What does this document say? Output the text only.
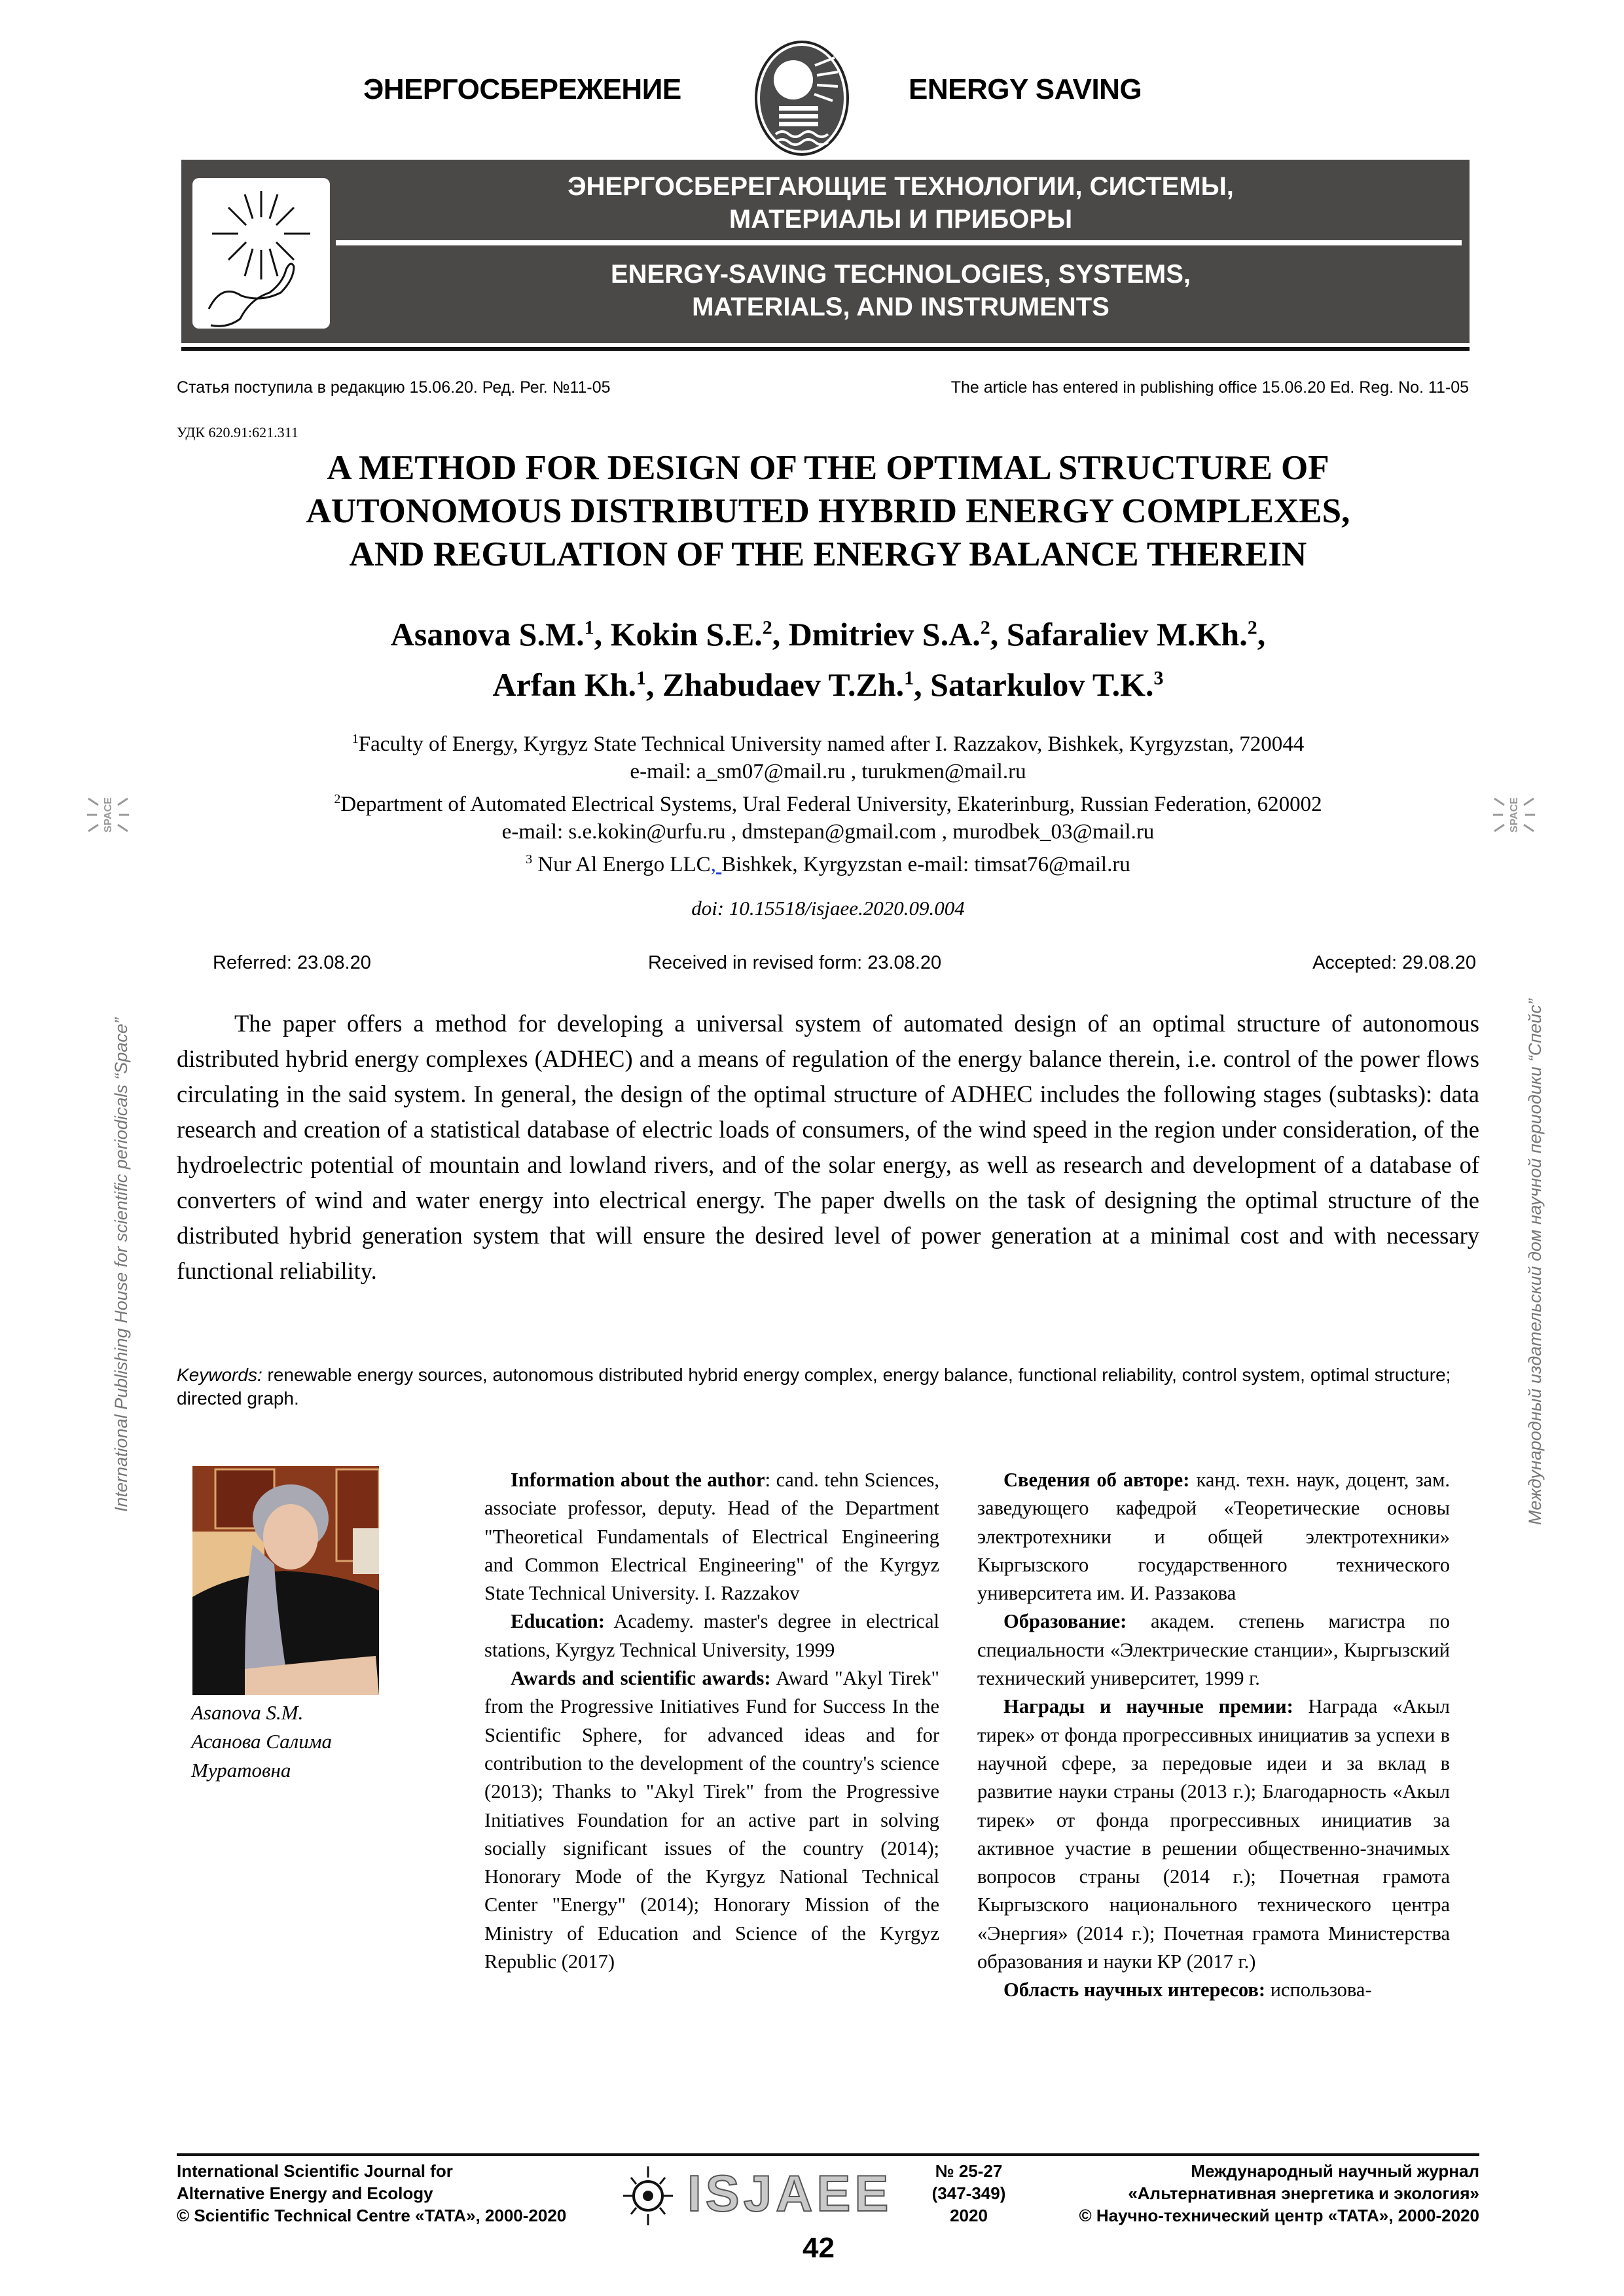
ЭНЕРГОСБЕРЕЖЕНИЕ	ENERGY SAVING
ЭНЕРГОСБЕРЕГАЮЩИЕ ТЕХНОЛОГИИ, СИСТЕМЫ,
МАТЕРИАЛЫ И ПРИБОРЫ
ENERGY-SAVING TECHNOLOGIES, SYSTEMS,
MATERIALS, AND INSTRUMENTS
Статья поступила в редакцию 15.06.20. Ред. Рег. №11-05	The article has entered in publishing office 15.06.20 Ed. Reg. No. 11-05
УДК 620.91:621.311
A METHOD FOR DESIGN OF THE OPTIMAL STRUCTURE OF
AUTONOMOUS DISTRIBUTED HYBRID ENERGY COMPLEXES,
AND REGULATION OF THE ENERGY BALANCE THEREIN
Asanova S.M.$^1$, Kokin S.E.$^2$, Dmitriev S.A.$^2$, Safaraliev M.Kh.$^2$,
Arfan Kh.$^1$, Zhabudaev T.Zh.$^1$, Satarkulov T.K.$^3$
$^1$Faculty of Energy, Kyrgyz State Technical University named after I. Razzakov, Bishkek, Kyrgyzstan, 720044
e-mail: a_sm07@mail.ru , turukmen@mail.ru
$^2$Department of Automated Electrical Systems, Ural Federal University, Ekaterinburg, Russian Federation, 620002
e-mail: s.e.kokin@urfu.ru , dmstepan@gmail.com , murodbek_03@mail.ru
$^3$ Nur Al Energo LLC, Bishkek, Kyrgyzstan e-mail: timsat76@mail.ru
doi: 10.15518/isjaee.2020.09.004
Referred: 23.08.20	Received in revised form: 23.08.20	Accepted: 29.08.20

The paper offers a method for developing a universal system of automated design of an optimal structure of autonomous distributed hybrid energy complexes (ADHEC) and a means of regulation of the energy balance therein, i.e. control of the power flows circulating in the said system. In general, the design of the optimal structure of ADHEC includes the following stages (subtasks): data research and creation of a statistical database of electric loads of consumers, of the wind speed in the region under consideration, of the hydroelectric potential of mountain and lowland rivers, and of the solar energy, as well as research and development of a database of converters of wind and water energy into electrical energy. The paper dwells on the task of designing the optimal structure of the distributed hybrid generation system that will ensure the desired level of power generation at a minimal cost and with necessary functional reliability.

Keywords: renewable energy sources, autonomous distributed hybrid energy complex, energy balance, functional reliability, control system, optimal structure; directed graph.
Asanova S.M.
Асанова Салима
Муратовна

Information about the author: cand. tehn Sciences, associate professor, deputy. Head of the Department "Theoretical Fundamentals of Electrical Engineering and Common Electrical Engineering" of the Kyrgyz State Technical University. I. Razzakov

Education: Academy. master's degree in electrical stations, Kyrgyz Technical University, 1999

Awards and scientific awards: Award "Akyl Tirek" from the Progressive Initiatives Fund for Success In the Scientific Sphere, for advanced ideas and for contribution to the development of the country's science (2013); Thanks to "Akyl Tirek" from the Progressive Initiatives Foundation for an active part in solving socially significant issues of the country (2014); Honorary Mode of the Kyrgyz National Technical Center "Energy" (2014); Honorary Mission of the Ministry of Education and Science of the Kyrgyz Republic (2017)

Сведения об авторе: канд. техн. наук, доцент, зам. заведующего кафедрой «Теоретические основы электротехники и общей электротехники» Кыргызского государственного технического университета им. И. Раззакова

Образование: академ. степень магистра по специальности «Электрические станции», Кыргызский технический университет, 1999 г.

Награды и научные премии: Награда «Акыл тирек» от фонда прогрессивных инициатив за успехи в научной сфере, за передовые идеи и за вклад в развитие науки страны (2013 г.); Благодарность «Акыл тирек» от фонда прогрессивных инициатив за активное участие в решении общественно-значимых вопросов страны (2014 г.); Почетная грамота Кыргызского национального технического центра «Энергия» (2014 г.); Почетная грамота Министерства образования и науки КР (2017 г.)

Область научных интересов: использова-

SPACE
International Publishing House for scientific periodicals “Space”
SPACE
Международный издательский дом научной периодики “Спейс”
International Scientific Journal for
Alternative Energy and Ecology
© Scientific Technical Centre «TATA», 2000-2020 ISJAEE	№ 25-27
(347-349)
2020
Международный научный журнал
«Альтернативная энергетика и экология»
© Научно-технический центр «TATA», 2000-2020
42
